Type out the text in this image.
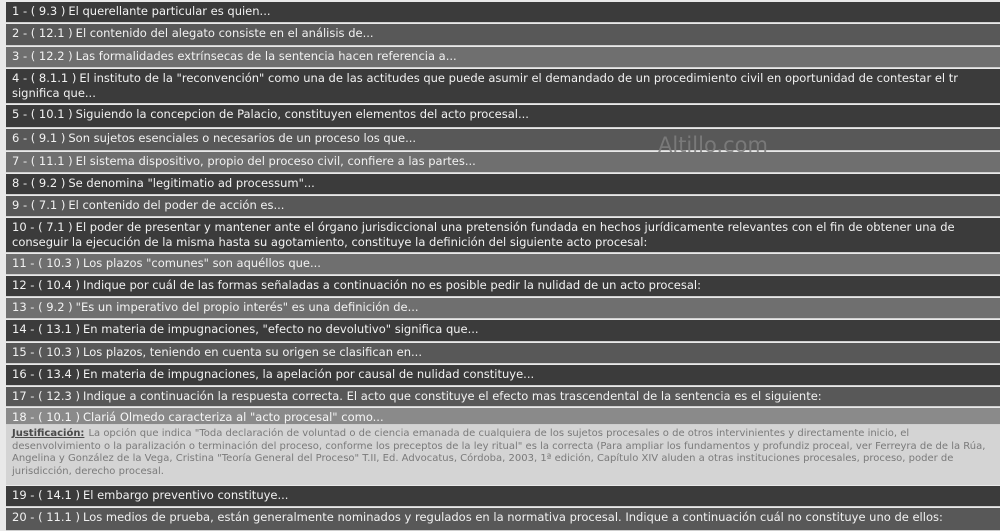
1 - ( 9.3 ) El querellante particular es quien...
2 - ( 12.1 ) El contenido del alegato consiste en el análisis de...
3 - ( 12.2 ) Las formalidades extrínsecas de la sentencia hacen referencia a...
4 - ( 8.1.1 ) El instituto de la "reconvención" como una de las actitudes que puede asumir el demandado de un procedimiento civil en oportunidad de contestar el tr significa que...
5 - ( 10.1 ) Siguiendo la concepcion de Palacio, constituyen elementos del acto procesal...
6 - ( 9.1 ) Son sujetos esenciales o necesarios de un proceso los que...
7 - ( 11.1 ) El sistema dispositivo, propio del proceso civil, confiere a las partes...
8 - ( 9.2 ) Se denomina "legitimatio ad processum"...
9 - ( 7.1 ) El contenido del poder de acción es...
10 - ( 7.1 ) El poder de presentar y mantener ante el órgano jurisdiccional una pretensión fundada en hechos jurídicamente relevantes con el fin de obtener una de conseguir la ejecución de la misma hasta su agotamiento, constituye la definición del siguiente acto procesal:
11 - ( 10.3 ) Los plazos "comunes" son aquéllos que...
12 - ( 10.4 ) Indique por cuál de las formas señaladas a continuación no es posible pedir la nulidad de un acto procesal:
13 - ( 9.2 ) "Es un imperativo del propio interés" es una definición de...
14 - ( 13.1 ) En materia de impugnaciones, "efecto no devolutivo" significa que...
15 - ( 10.3 ) Los plazos, teniendo en cuenta su origen se clasifican en...
16 - ( 13.4 ) En materia de impugnaciones, la apelación por causal de nulidad constituye...
17 - ( 12.3 ) Indique a continuación la respuesta correcta. El acto que constituye el efecto mas trascendental de la sentencia es el siguiente:
18 - ( 10.1 ) Clariá Olmedo caracteriza al "acto procesal" como...
Justificación: La opción que indica "Toda declaración de voluntad o de ciencia emanada de cualquiera de los sujetos procesales o de otros intervinientes y directamente inicio, el desenvolvimiento o la paralización o terminación del proceso, conforme los preceptos de la ley ritual" es la correcta (Para ampliar los fundamentos y profundiz proceal, ver Ferreyra de de la Rúa, Angelina y González de la Vega, Cristina "Teoría General del Proceso" T.II, Ed. Advocatus, Córdoba, 2003, 1ª edición, Capítulo XIV aluden a otras instituciones procesales, proceso, poder de jurisdicción, derecho procesal.
19 - ( 14.1 ) El embargo preventivo constituye...
20 - ( 11.1 ) Los medios de prueba, están generalmente nominados y regulados en la normativa procesal. Indique a continuación cuál no constituye uno de ellos:
Altillo.com
